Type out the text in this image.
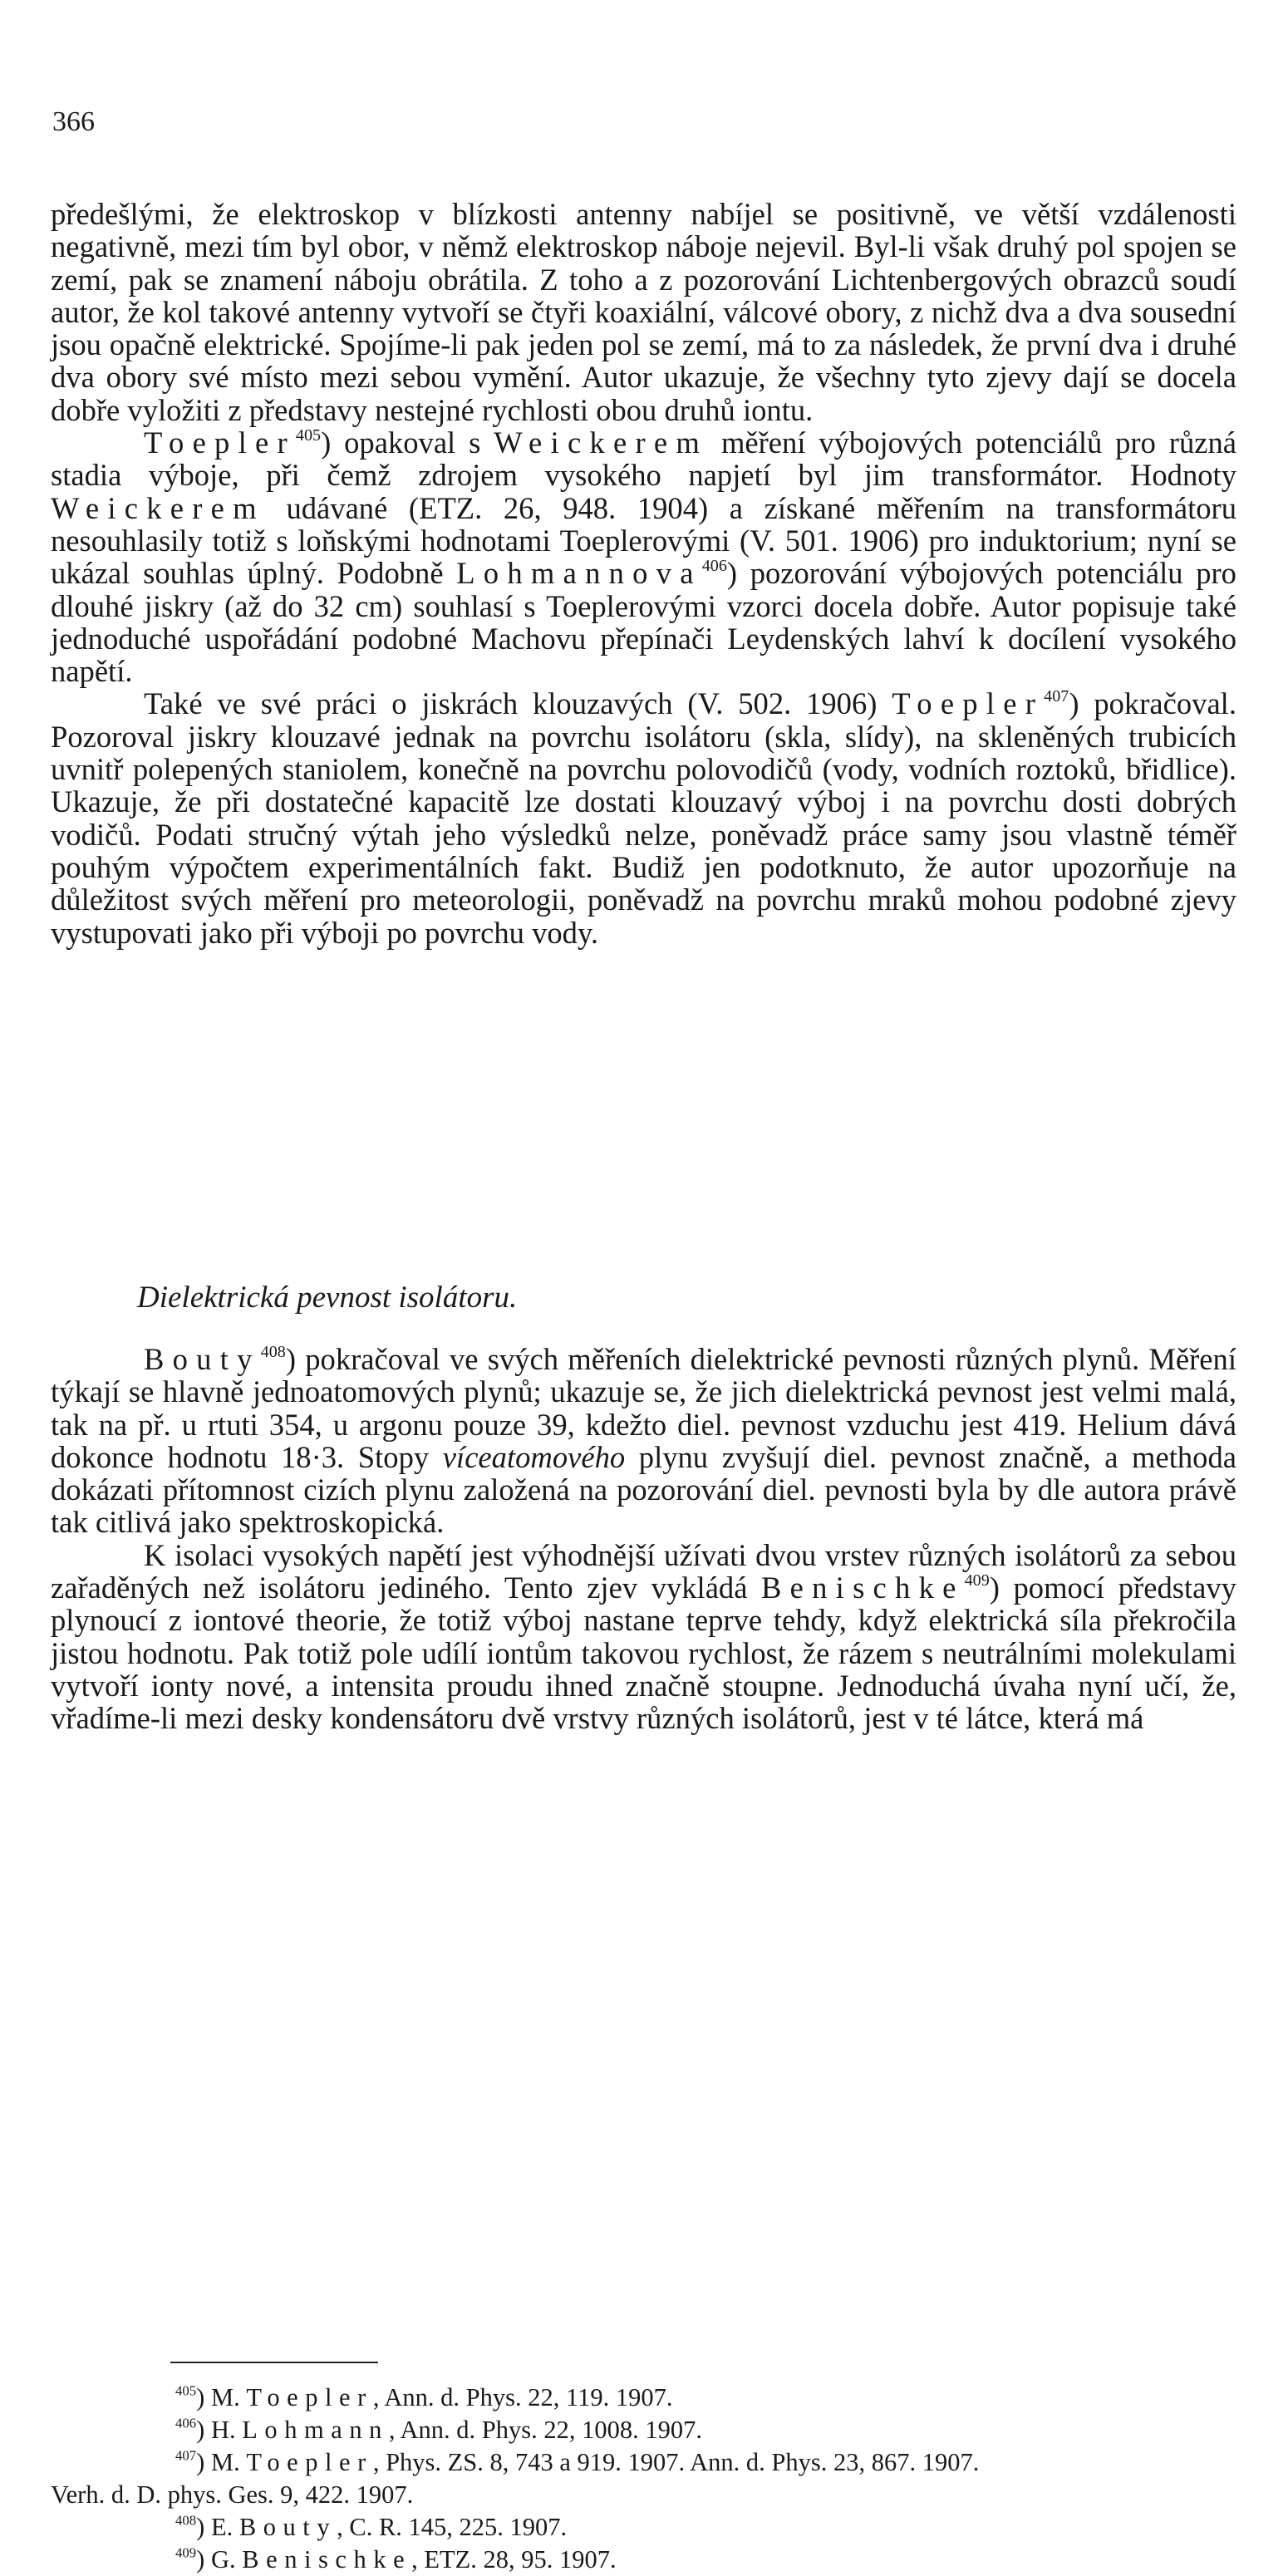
366

předešlými, že elektroskop v blízkosti antenny nabíjel se positivně, ve větší vzdálenosti negativně, mezi tím byl obor, v němž elektroskop náboje nejevil. Byl-li však druhý pol spojen se zemí, pak se znamení náboju obrátila. Z toho a z pozorování Lichtenbergových obrazců soudí autor, že kol takové antenny vytvoří se čtyři koaxiální, válcové obory, z nichž dva a dva sousední jsou opačně elektrické. Spojíme-li pak jeden pol se zemí, má to za následek, že první dva i druhé dva obory své místo mezi sebou vymění. Autor ukazuje, že všechny tyto zjevy dají se docela dobře vyložiti z představy nestejné rychlosti obou druhů iontu.

Toepler$^{405}$) opakoval s Weickerem měření výbojových potenciálů pro různá stadia výboje, při čemž zdrojem vysokého napjetí byl jim transformátor. Hodnoty Weickerem udávané (ETZ. 26, 948. 1904) a získané měřením na transformátoru nesouhlasily totiž s loňskými hodnotami Toeplerovými (V. 501. 1906) pro induktorium; nyní se ukázal souhlas úplný. Podobně Lohmannova$^{406}$) pozorování výbojových potenciálu pro dlouhé jiskry (až do 32 cm) souhlasí s Toeplerovými vzorci docela dobře. Autor popisuje také jednoduché uspořádání podobné Machovu přepínači Leydenských lahví k docílení vysokého napětí.

Také ve své práci o jiskrách klouzavých (V. 502. 1906) Toepler$^{407}$) pokračoval. Pozoroval jiskry klouzavé jednak na povrchu isolátoru (skla, slídy), na skleněných trubicích uvnitř polepených staniolem, konečně na povrchu polovodičů (vody, vodních roztoků, břidlice). Ukazuje, že při dostatečné kapacitě lze dostati klouzavý výboj i na povrchu dosti dobrých vodičů. Podati stručný výtah jeho výsledků nelze, poněvadž práce samy jsou vlastně téměř pouhým výpočtem experimentálních fakt. Budiž jen podotknuto, že autor upozorňuje na důležitost svých měření pro meteorologii, poněvadž na povrchu mraků mohou podobné zjevy vystupovati jako při výboji po povrchu vody.

Dielektrická pevnost isolátoru.

Bouty$^{408}$) pokračoval ve svých měřeních dielektrické pevnosti různých plynů. Měření týkají se hlavně jednoatomových plynů; ukazuje se, že jich dielektrická pevnost jest velmi malá, tak na př. u rtuti 354, u argonu pouze 39, kdežto diel. pevnost vzduchu jest 419. Helium dává dokonce hodnotu 18·3. Stopy víceatomového plynu zvyšují diel. pevnost značně, a methoda dokázati přítomnost cizích plynu založená na pozorování diel. pevnosti byla by dle autora právě tak citlivá jako spektroskopická.

K isolaci vysokých napětí jest výhodnější užívati dvou vrstev různých isolátorů za sebou zařaděných než isolátoru jediného. Tento zjev vykládá Benischke$^{409}$) pomocí představy plynoucí z iontové theorie, že totiž výboj nastane teprve tehdy, když elektrická síla překročila jistou hodnotu. Pak totiž pole udílí iontům takovou rychlost, že rázem s neutrálními molekulami vytvoří ionty nové, a intensita proudu ihned značně stoupne. Jednoduchá úvaha nyní učí, že, vřadíme-li mezi desky kondensátoru dvě vrstvy různých isolátorů, jest v té látce, která má

$^{405}$) M. Toepler, Ann. d. Phys. 22, 119. 1907.

$^{406}$) H. Lohmann, Ann. d. Phys. 22, 1008. 1907.

$^{407}$) M. Toepler, Phys. ZS. 8, 743 a 919. 1907. Ann. d. Phys. 23, 867. 1907.

Verh. d. D. phys. Ges. 9, 422. 1907.

$^{408}$) E. Bouty, C. R. 145, 225. 1907.

$^{409}$) G. Benischke, ETZ. 28, 95. 1907.
